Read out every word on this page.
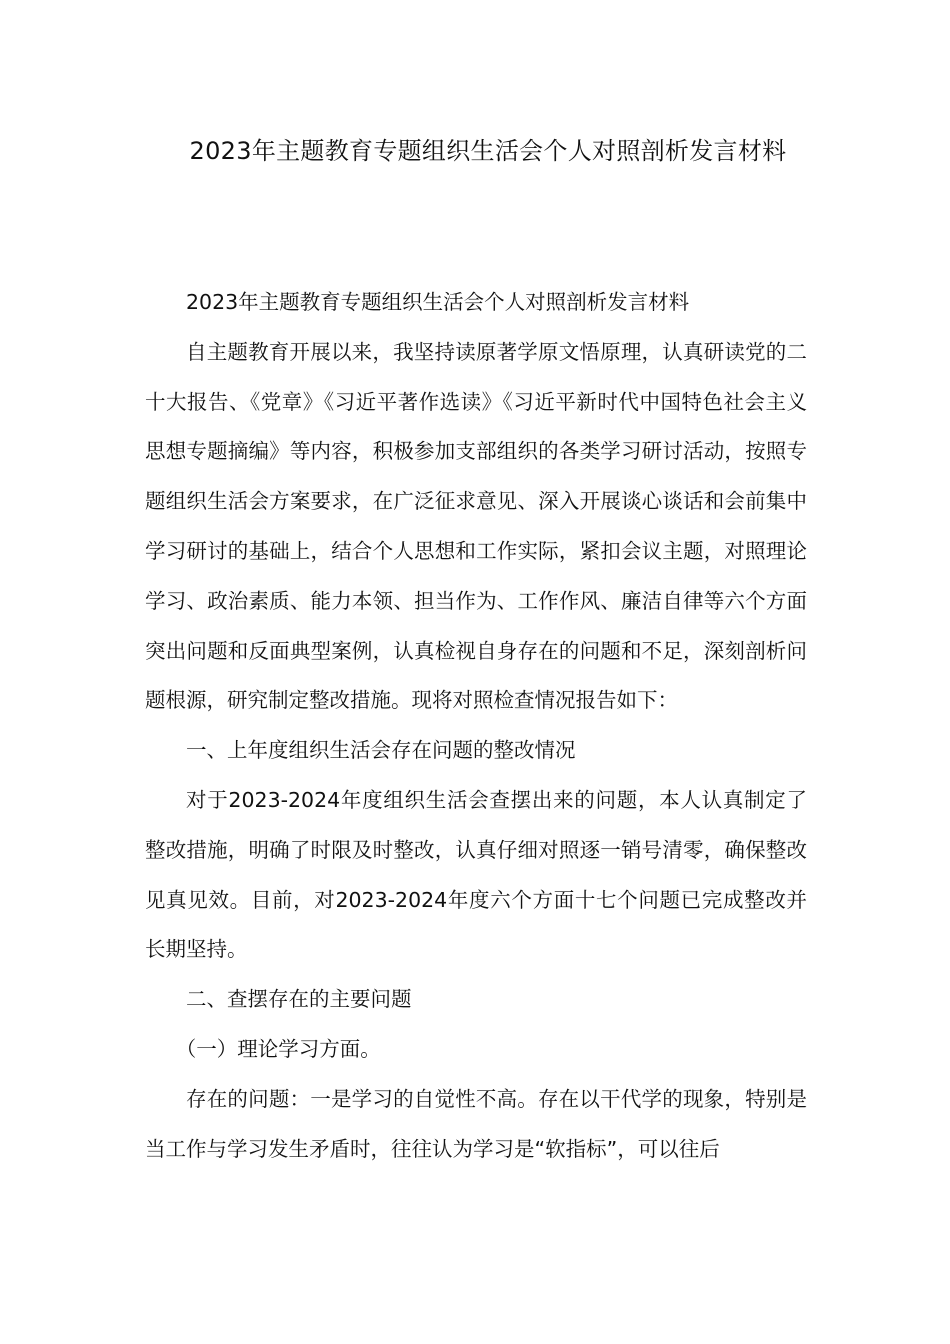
2023年主题教育专题组织生活会个人对照剖析发言材料

2023年主题教育专题组织生活会个人对照剖析发言材料

自主题教育开展以来，我坚持读原著学原文悟原理，认真研读党的二十大报告、《党章》《习近平著作选读》《习近平新时代中国特色社会主义思想专题摘编》等内容，积极参加支部组织的各类学习研讨活动，按照专题组织生活会方案要求，在广泛征求意见、深入开展谈心谈话和会前集中学习研讨的基础上，结合个人思想和工作实际，紧扣会议主题，对照理论学习、政治素质、能力本领、担当作为、工作作风、廉洁自律等六个方面突出问题和反面典型案例，认真检视自身存在的问题和不足，深刻剖析问题根源，研究制定整改措施。现将对照检查情况报告如下：

一、上年度组织生活会存在问题的整改情况

对于2023-2024年度组织生活会查摆出来的问题，本人认真制定了整改措施，明确了时限及时整改，认真仔细对照逐一销号清零，确保整改见真见效。目前，对2023-2024年度六个方面十七个问题已完成整改并长期坚持。

二、查摆存在的主要问题

（一）理论学习方面。

存在的问题：一是学习的自觉性不高。存在以干代学的现象，特别是当工作与学习发生矛盾时，往往认为学习是“软指标”，可以往后
